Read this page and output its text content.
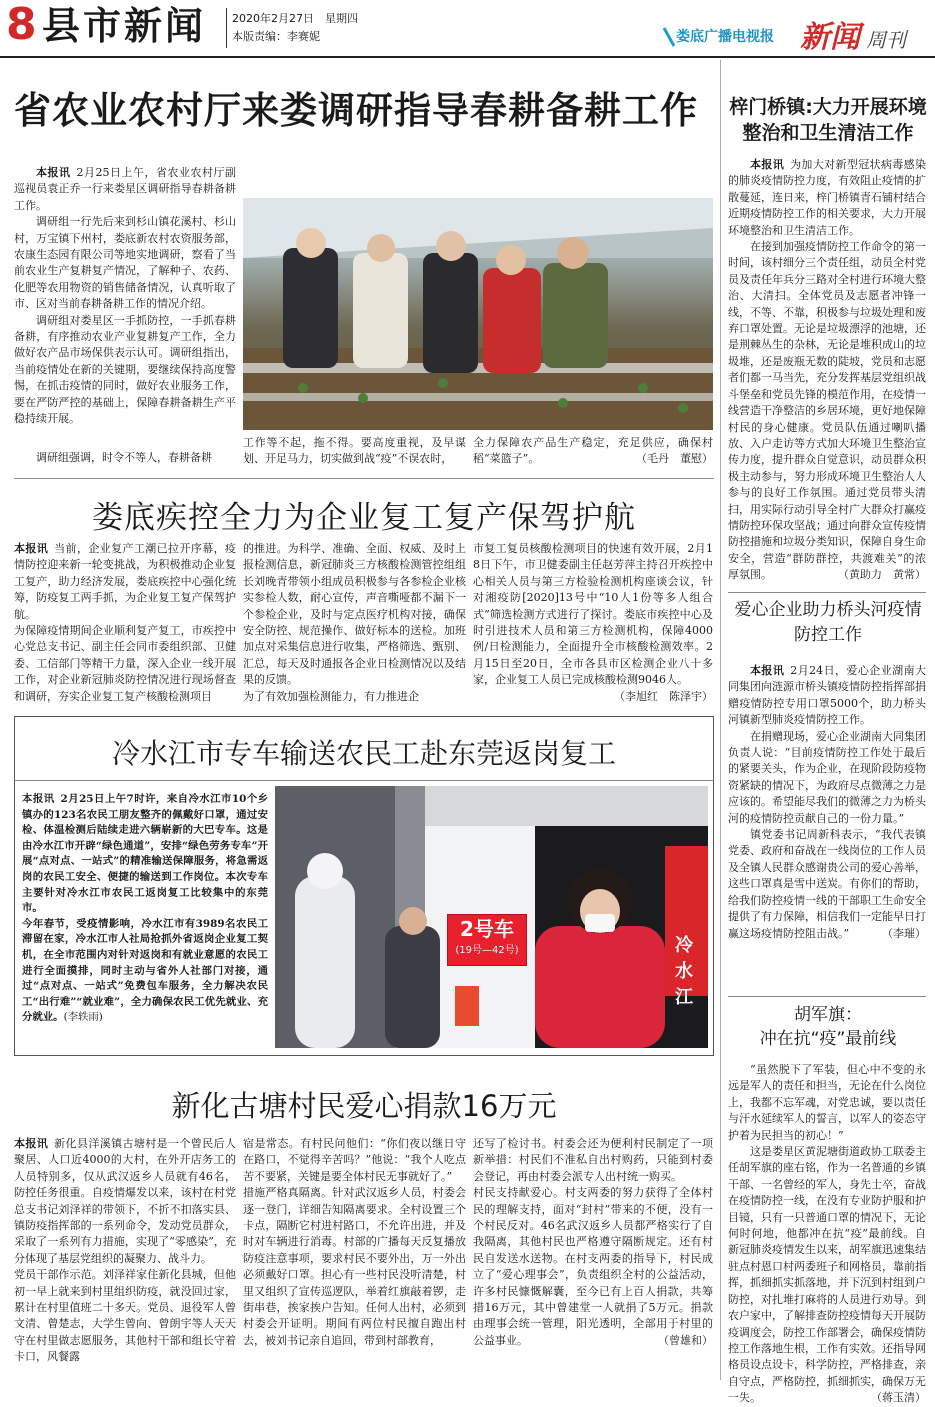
8 县市新闻 2020年2月27日　星期四
本版责编：李赛妮	娄底广播电视报 新闻 周刊
省农业农村厅来娄调研指导春耕备耕工作

本报讯 2月25日上午，省农业农村厅副巡视员袁正乔一行来娄星区调研指导春耕备耕工作。

调研组一行先后来到杉山镇花溪村、杉山村，万宝镇下州村，娄底新农村农资服务部，农康生态园有限公司等地实地调研，察看了当前农业生产复耕复产情况，了解种子、农药、化肥等农用物资的销售储备情况，认真听取了市、区对当前春耕备耕工作的情况介绍。

调研组对娄星区一手抓防控，一手抓春耕备耕，有序推动农业产业复耕复产工作，全力做好农产品市场保供表示认可。调研组指出，当前疫情处在新的关键期，要继续保持高度警惕，在抓击疫情的同时，做好农业服务工作，要在严防严控的基础上，保障春耕备耕生产平稳持续开展。

调研组强调，时令不等人，春耕备耕

工作等不起，拖不得。要高度重视，及早谋划、开足马力，切实做到战“疫”不误农时，

全力保障农产品生产稳定，充足供应，确保村稻“菜篮子”。	（毛丹　董慰）

梓门桥镇:大力开展环境整治和卫生清洁工作

本报讯 为加大对新型冠状病毒感染的肺炎疫情防控力度，有效阻止疫情的扩散蔓延，连日来，梓门桥镇青石铺村结合近期疫情防控工作的相关要求，大力开展环境整治和卫生清洁工作。

在接到加强疫情防控工作命令的第一时间，该村细分三个责任组，动员全村党员及责任年兵分三路对全村进行环境大整治、大清扫。全体党员及志愿者冲锋一线，不等、不靠，积极参与垃圾处理和废弃口罩处置。无论是垃圾漂浮的池塘，还是荆棘丛生的杂林，无论是堆积成山的垃圾堆，还是废瓶无数的陡坡，党员和志愿者们都一马当先，充分发挥基层党组织战斗堡垒和党员先锋的模范作用，在疫情一线营造干净整洁的乡居环境，更好地保障村民的身心健康。党员队伍通过喇叭播放、入户走访等方式加大环境卫生整治宣传力度，提升群众自觉意识，动员群众积极主动参与，努力形成环境卫生整治人人参与的良好工作氛围。通过党员带头清扫，用实际行动引导全村广大群众打赢疫情防控环保攻坚战；通过向群众宣传疫情防控措施和垃圾分类知识，保障自身生命安全，营造“群防群控，共渡难关”的浓厚氛围。	（黄助力　黄常）

娄底疾控全力为企业复工复产保驾护航
本报讯 当前，企业复产工潮已拉开序幕，疫情防控迎来新一轮变挑战，为积极推动企业复工复产，助力经济发展，娄底疾控中心强化统筹，防疫复工两手抓，为企业复工复产保驾护航。
为保障疫情期间企业顺利复产复工，市疾控中心党总支书记、副主任会同市委组织部、卫健委、工信部门等精干力量，深入企业一线开展工作，对企业新冠肺炎防控情况进行现场督查和调研，夯实企业复工复产核酸检测项目
的推进。为科学、准确、全面、权威、及时上报检测信息，新冠肺炎三方核酸检测管控组组长刘晚青带领小组成员积极参与各参检企业核实参检人数，耐心宣传，声音嘶哑都不漏下一个参检企业，及时与定点医疗机构对接，确保安全防控、规范操作、做好标本的送检。加班加点对采集信息进行收集，严格筛选、甄别、汇总，每天及时通报各企业日检测情况以及结果的反馈。
为了有效加强检测能力，有力推进企
市复工复员核酸检测项目的快速有效开展，2月18日下午，市卫健委副主任赵芳萍主持召开疾控中心相关人员与第三方检验检测机构座谈会议，针对湘疫防[2020]13号中“10人1份等多人组合式”筛选检测方式进行了探讨。娄底市疾控中心及时引进技术人员和第三方检测机构，保障4000例/日检测能力，全面提升全市核酸检测效率。2月15日至20日，全市各县市区检测企业八十多家，企业复工人员已完成核酸检测9046人。
（李旭红　陈泽宇）
冷水江市专车输送农民工赴东莞返岗复工
本报讯 2月25日上午7时许，来自冷水江市10个乡镇办的123名农民工朋友整齐的佩戴好口罩，通过安检、体温检测后陆续走进六辆崭新的大巴专车。这是由冷水江市开辟“绿色通道”，安排“绿色劳务专车”开展“点对点、一站式”的精准输送保障服务，将急需返岗的农民工安全、便捷的输送到工作岗位。本次专车主要针对冷水江市农民工返岗复工比较集中的东莞市。
今年春节，受疫情影响，冷水江市有3989名农民工滞留在家，冷水江市人社局抢抓外省返岗企业复工契机，在全市范围内对针对返岗和有就业意愿的农民工进行全面摸排，同时主动与省外人社部门对接，通过“点对点、一站式”免费包车服务，全力解决农民工“出行难”“就业难”，全力确保农民工优先就业、充分就业。(李轶雨)
2号车
(19号—42号)	冷水江
爱心企业助力桥头河疫情防控工作

本报讯 2月24日，爱心企业湖南大同集团向涟源市桥头镇疫情防控指挥部捐赠疫情防控专用口罩5000个，助力桥头河镇新型肺炎疫情防控工作。

在捐赠现场，爱心企业湖南大同集团负责人说：“目前疫情防控工作处于最后的紧要关头，作为企业，在现阶段防疫物资紧缺的情况下，为政府尽点微薄之力是应该的。希望能尽我们的微薄之力为桥头河的疫情防控贡献自己的一份力量。”

镇党委书记周新科表示，“我代表镇党委、政府和奋战在一线岗位的工作人员及全镇人民群众感谢贵公司的爱心善举，这些口罩真是雪中送炭。有你们的帮助，给我们防控疫情一线的干部职工生命安全提供了有力保障，相信我们一定能早日打赢这场疫情防控阻击战。”	（李璀）

胡军旗：
冲在抗“疫”最前线

“虽然脱下了军装，但心中不变的永远是军人的责任和担当，无论在什么岗位上，我都不忘军魂，对党忠诚，要以责任与汗水延续军人的誓言，以军人的姿态守护着为民担当的初心！”

这是娄星区黄泥塘街道政协工联委主任胡军旗的座右铭，作为一名普通的乡镇干部、一名曾经的军人，身先士卒，奋战在疫情防控一线，在没有专业防护服和护目镜，只有一只普通口罩的情况下，无论何时何地，他都冲在抗“疫”最前线。自新冠肺炎疫情发生以来，胡军旗迅速集结驻点村恩口村两委班子和网格员，靠前指挥，抓细抓实抓落地，并下沉到村组到户防控，对扎堆打麻将的人员进行劝导。到农户家中，了解排查防控疫情每天开展防疫调度会，防控工作部署会，确保疫情防控工作落地生根，工作有实效。还指导网格员设点设卡，科学防控，严格排查，亲自守点，严格防控，抓细抓实，确保万无一失。	（蒋玉清）

新化古塘村民爱心捐款16万元
本报讯 新化县洋溪镇古塘村是一个曾民后人聚居、人口近4000的大村，在外开店务工的人员特别多，仅从武汉返乡人员就有46名，防控任务很重。自疫情爆发以来，该村在村党总支书记刘泽祥的带领下，不折不扣落实县、镇防疫指挥部的一系列命令，发动党员群众，采取了一系列有力措施，实现了“零感染”，充分体现了基层党组织的凝聚力、战斗力。
党员干部作示范。刘泽祥家住新化县城，但他初一早上就来到村里组织防疫，就没回过家，累计在村里值班二十多天。党员、退役军人曾文清、曾楚志，大学生曾向、曾朗宇等人天天守在村里做志愿服务，其他村干部和组长守着卡口，风餐露
宿是常态。有村民问他们：“你们夜以继日守在路口，不觉得辛苦吗？”他说：“我个人吃点苦不要紧，关键是要全体村民无事就好了。”
措施严格真隔离。针对武汉返乡人员，村委会逐一登门，详细告知隔离要求。全村设置三个卡点，隔断它村进村路口，不允许出进，并及时对车辆进行消毒。村部的广播每天反复播放防疫注意事项，要求村民不要外出，万一外出必须戴好口罩。担心有一些村民没听清楚，村里又组织了宣传巡逻队，举着红旗敲着锣，走街串巷，挨家挨户告知。任何人出村，必须到村委会开证明。期间有两位村民擅自跑出村去，被刘书记亲自追回，带到村部教育，
还写了检讨书。村委会还为便利村民制定了一项新举措：村民们不准私自出村购药，只能到村委会登记，再由村委会派专人出村统一购买。
村民支持献爱心。村支两委的努力获得了全体村民的理解支持，面对“封村”带来的不便，没有一个村民反对。46名武汉返乡人员都严格实行了自我隔离，其他村民也严格遵守隔断规定。还有村民自发送水送物。在村支两委的指导下，村民成立了“爱心理事会”，负责组织全村的公益活动，许多村民慷慨解囊，至今已有上百人捐款，共筹措16万元，其中曾建堂一人就捐了5万元。捐款由理事会统一管理，阳光透明，全部用于村里的公益事业。	（曾雄和）
